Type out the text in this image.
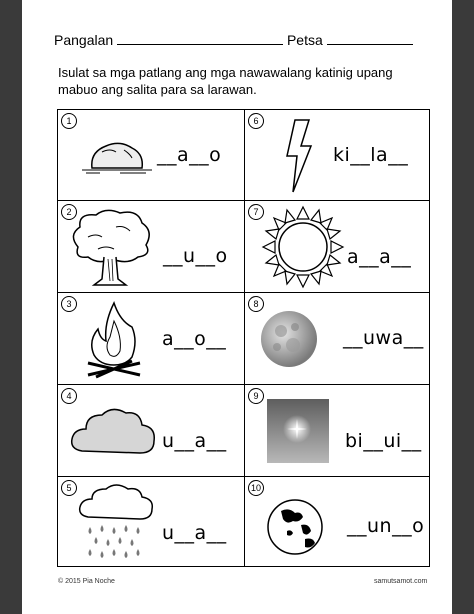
Pangalan	Petsa
Isulat sa mga patlang ang mga nawawalang katinig upang mabuo ang salita para sa larawan.
1
__a__o
2
__u__o
3
a__o__
4
u__a__
5
u__a__
6
ki__la__
7
a__a__
8
__uwa__
9
bi__ui__
10
__un__o
© 2015 Pia Noche	samutsamot.com
